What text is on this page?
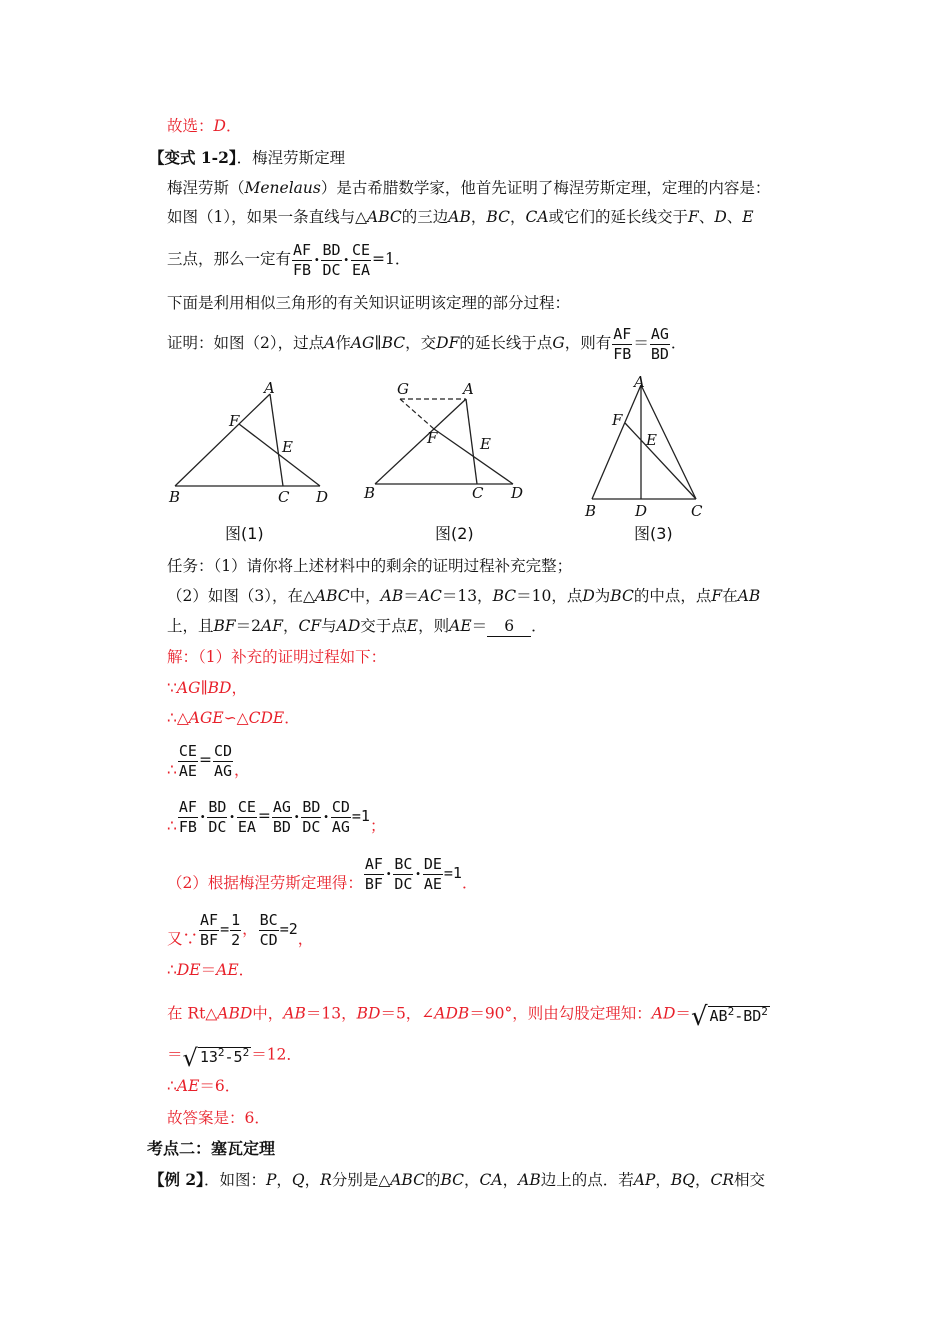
故选：D．
【变式 1-2】．梅涅劳斯定理
梅涅劳斯（Menelaus）是古希腊数学家，他首先证明了梅涅劳斯定理，定理的内容是：
如图（1），如果一条直线与△ABC的三边AB，BC，CA或它们的延长线交于F、D、E
三点，那么一定有 $\frac{AF}{FB} \cdot \frac{BD}{DC} \cdot \frac{CE}{EA} =1$．
下面是利用相似三角形的有关知识证明该定理的部分过程：
证明：如图（2），过点A作AG∥BC，交DF的延长线于点G，则有 $\frac{AF}{FB} = \frac{AG}{BD}$ ．
A
F
E
B	C D
图(1)
G	A
F	E
B	C D
图(2)
A
F
E
B	D	C
图(3)
任务：（1）请你将上述材料中的剩余的证明过程补充完整；
（2）如图（3），在△ABC中，AB＝AC＝13，BC＝10，点D为BC的中点，点F在AB
上，且BF＝2AF，CF与AD交于点E，则AE＝ 6 ．
解：（1）补充的证明过程如下：
∵AG∥BD，
∴△AGE∽△CDE．
∴ $\frac{CE}{AE} = \frac{CD}{AG}$ ，
∴ $\frac{AF}{FB} \cdot \frac{BD}{DC} \cdot \frac{CE}{EA} = \frac{AG}{BD} \cdot \frac{BD}{DC} \cdot \frac{CD}{AG} =1$；
（2）根据梅涅劳斯定理得： $\frac{AF}{BF} \cdot \frac{BC}{DC} \cdot \frac{DE}{AE} =1$．
又∵ $\frac{AF}{BF} = \frac{1}{2}$ ， $\frac{BC}{CD} =2$，
∴DE＝AE．
在 Rt△ABD中，AB＝13，BD＝5，∠ADB＝90°，则由勾股定理知：AD＝√ $AB^2-BD^2$
＝√ $13^2-5^2 =12$．
∴AE＝6．
故答案是：6．
考点二：塞瓦定理
【例 2】．如图：P，Q，R分别是△ABC的BC，CA，AB边上的点．若AP，BQ，CR相交
